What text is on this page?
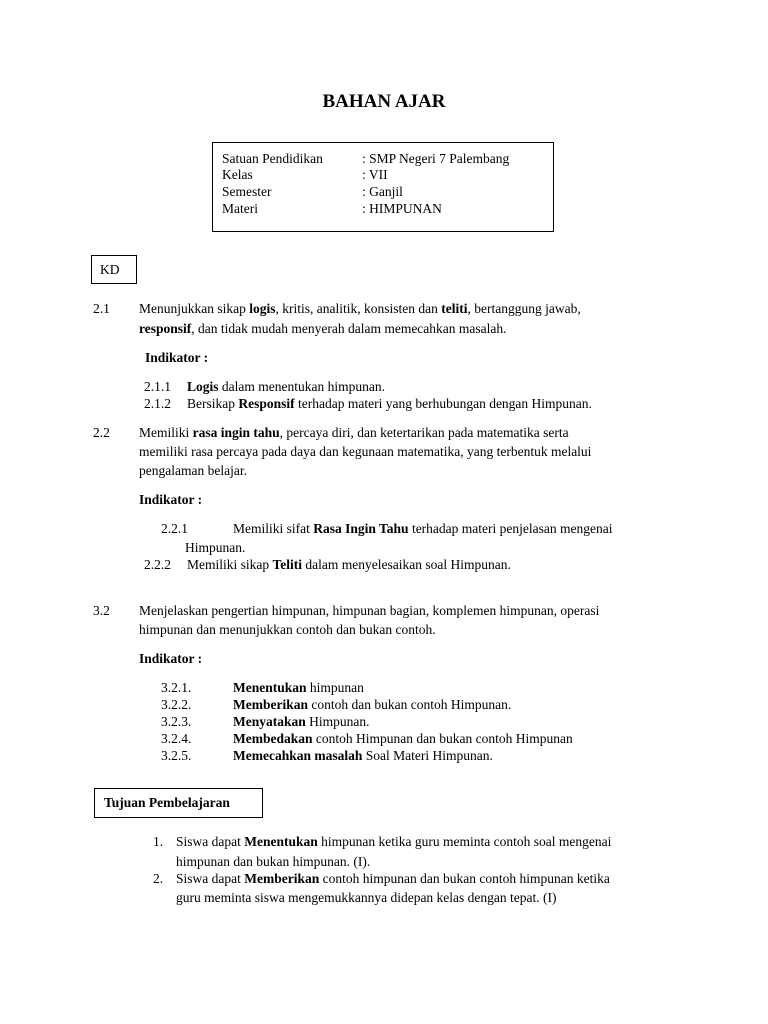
BAHAN AJAR
Satuan Pendidikan	: SMP Negeri 7 Palembang
Kelas	: VII
Semester	: Ganjil
Materi	: HIMPUNAN
KD
2.1 Menunjukkan sikap logis, kritis, analitik, konsisten dan teliti, bertanggung jawab,
responsif, dan tidak mudah menyerah dalam memecahkan masalah.
Indikator :
2.1.1 Logis dalam menentukan himpunan.
2.1.2 Bersikap Responsif terhadap materi yang berhubungan dengan Himpunan.
2.2 Memiliki rasa ingin tahu, percaya diri, dan ketertarikan pada matematika serta
memiliki rasa percaya pada daya dan kegunaan matematika, yang terbentuk melalui
pengalaman belajar.
Indikator :
2.2.1	Memiliki sifat Rasa Ingin Tahu terhadap materi penjelasan mengenai
Himpunan.
2.2.2 Memiliki sikap Teliti dalam menyelesaikan soal Himpunan.
3.2 Menjelaskan pengertian himpunan, himpunan bagian, komplemen himpunan, operasi
himpunan dan menunjukkan contoh dan bukan contoh.
Indikator :
3.2.1.	Menentukan himpunan
3.2.2.	Memberikan contoh dan bukan contoh Himpunan.
3.2.3.	Menyatakan Himpunan.
3.2.4.	Membedakan contoh Himpunan dan bukan contoh Himpunan
3.2.5.	Memecahkan masalah Soal Materi Himpunan.
Tujuan Pembelajaran
1. Siswa dapat Menentukan himpunan ketika guru meminta contoh soal mengenai
himpunan dan bukan himpunan. (I).
2. Siswa dapat Memberikan contoh himpunan dan bukan contoh himpunan ketika
guru meminta siswa mengemukkannya didepan kelas dengan tepat. (I)
